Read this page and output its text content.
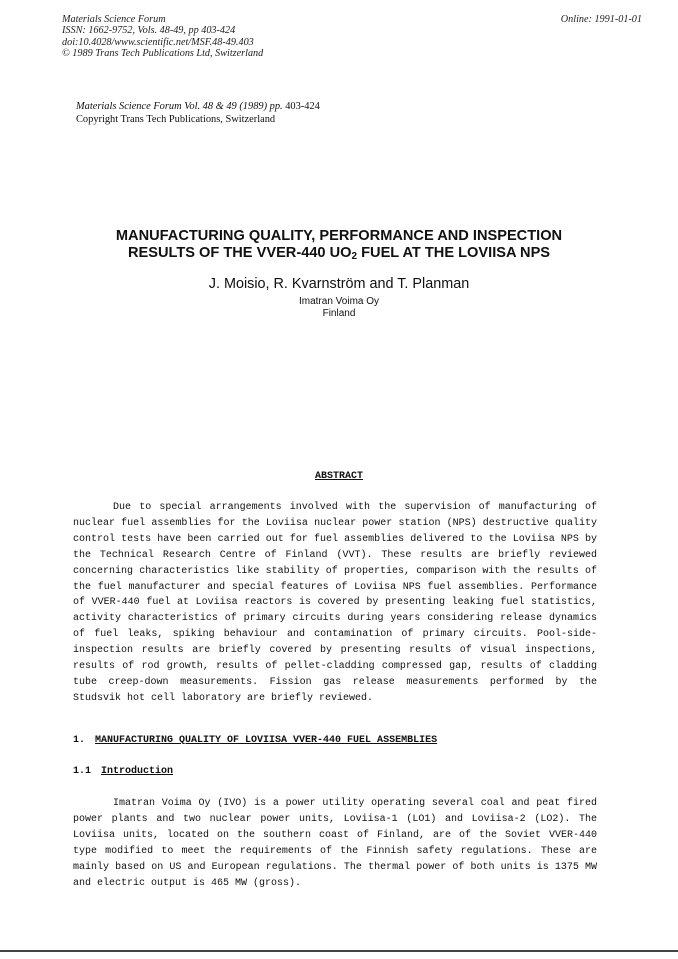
Materials Science Forum
ISSN: 1662-9752, Vols. 48-49, pp 403-424
doi:10.4028/www.scientific.net/MSF.48-49.403
© 1989 Trans Tech Publications Ltd, Switzerland
Online: 1991-01-01
Materials Science Forum Vol. 48 & 49 (1989) pp. 403-424
Copyright Trans Tech Publications, Switzerland
MANUFACTURING QUALITY, PERFORMANCE AND INSPECTION
RESULTS OF THE VVER-440 $UO_2$ FUEL AT THE LOVIISA NPS
J. Moisio, R. Kvarnström and T. Planman
Imatran Voima Oy
Finland
ABSTRACT

Due to special arrangements involved with the supervision of manufacturing of nuclear fuel assemblies for the Loviisa nuclear power station (NPS) destructive quality control tests have been carried out for fuel assemblies delivered to the Loviisa NPS by the Technical Research Centre of Finland (VVT). These results are briefly reviewed concerning characteristics like stability of properties, comparison with the results of the fuel manufacturer and special features of Loviisa NPS fuel assemblies. Performance of VVER-440 fuel at Loviisa reactors is covered by presenting leaking fuel statistics, activity characteristics of primary circuits during years considering release dynamics of fuel leaks, spiking behaviour and contamination of primary circuits. Pool-side-inspection results are briefly covered by presenting results of visual inspections, results of rod growth, results of pellet-cladding compressed gap, results of cladding tube creep-down measurements. Fission gas release measurements performed by the Studsvik hot cell laboratory are briefly reviewed.

1. MANUFACTURING QUALITY OF LOVIISA VVER-440 FUEL ASSEMBLIES
1.1 Introduction

Imatran Voima Oy (IVO) is a power utility operating several coal and peat fired power plants and two nuclear power units, Loviisa-1 (LO1) and Loviisa-2 (LO2). The Loviisa units, located on the southern coast of Finland, are of the Soviet VVER-440 type modified to meet the requirements of the Finnish safety regulations. These are mainly based on US and European regulations. The thermal power of both units is 1375 MW and electric output is 465 MW (gross).
